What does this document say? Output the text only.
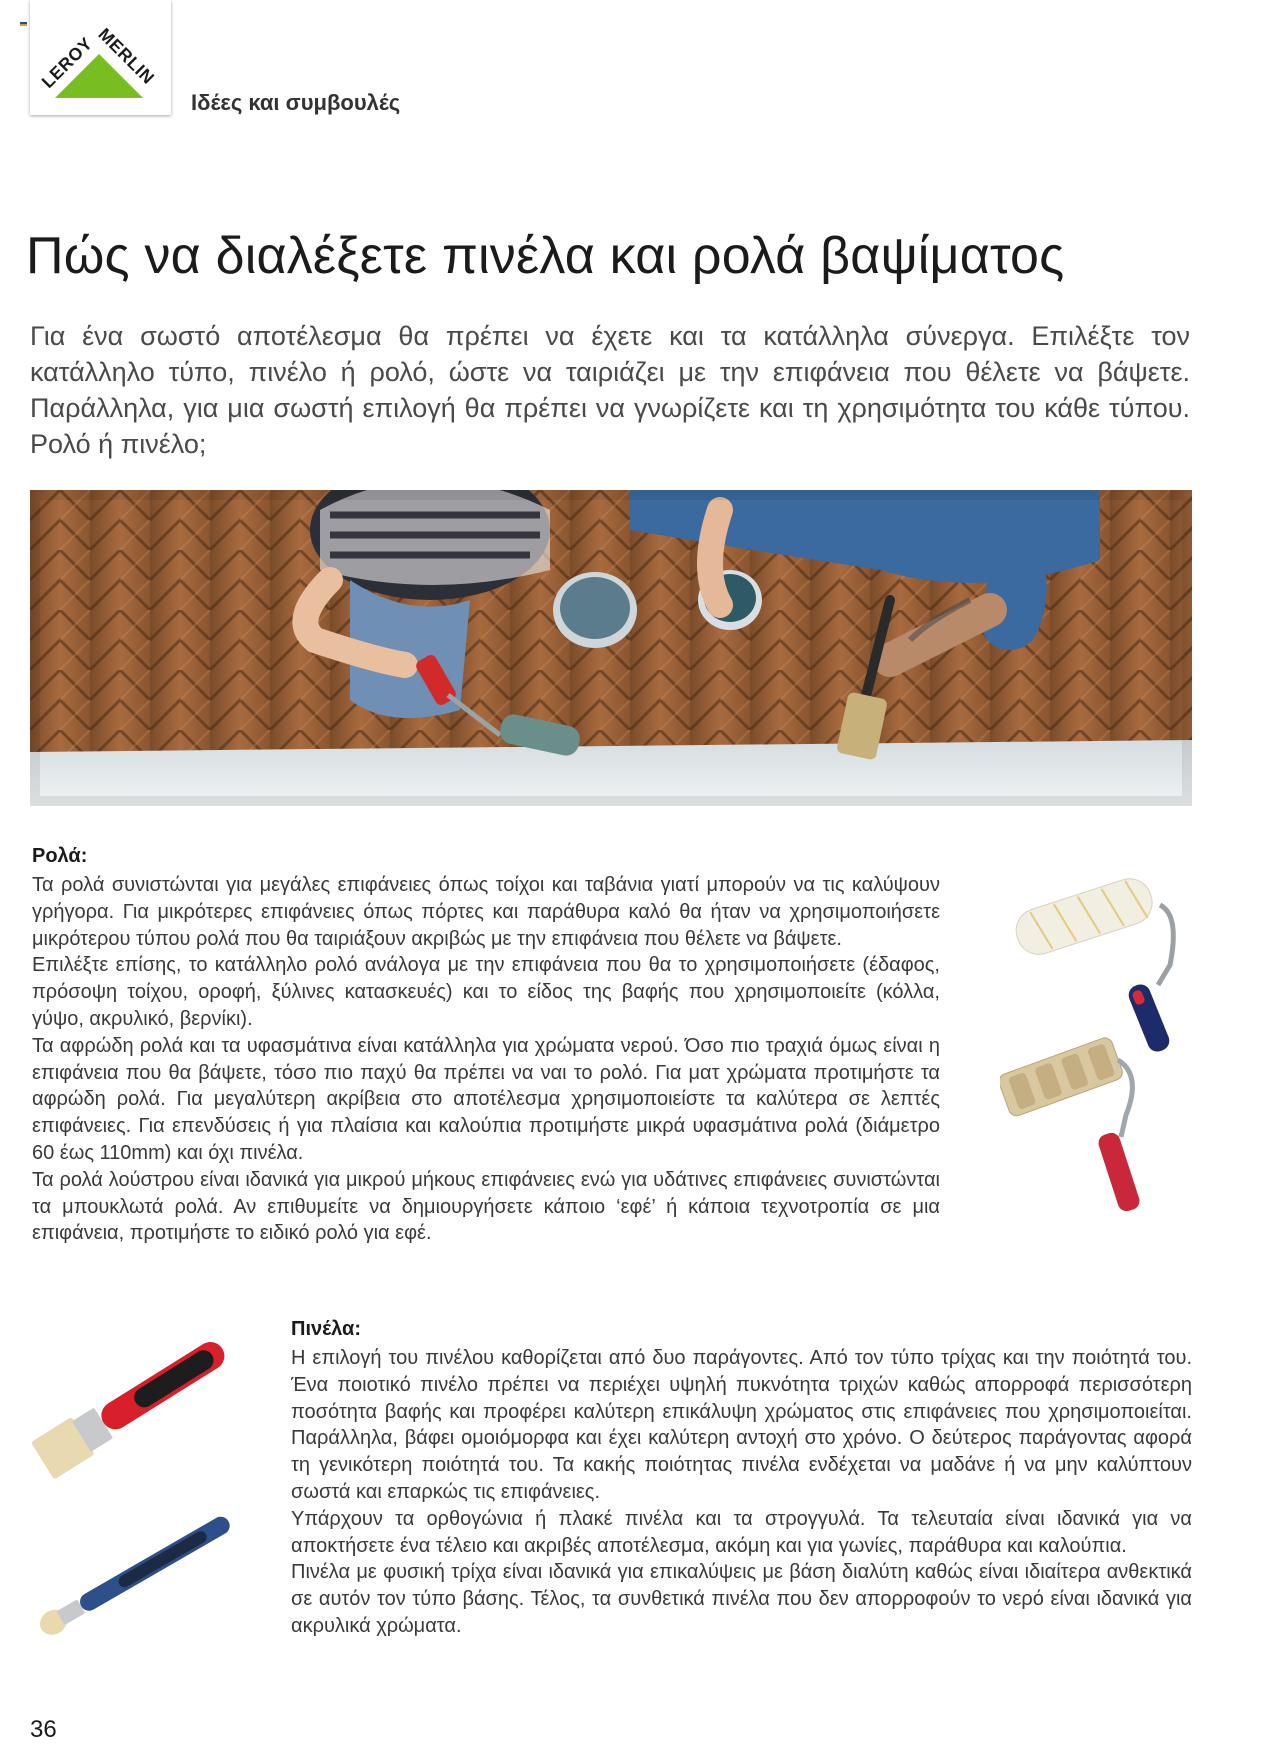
LEROY MERLIN
Ιδέες και συμβουλές
Πώς να διαλέξετε πινέλα και ρολά βαψίματος

Για ένα σωστό αποτέλεσμα θα πρέπει να έχετε και τα κατάλληλα σύνεργα. Επιλέξτε τον κατάλληλο τύπο, πινέλο ή ρολό, ώστε να ταιριάζει με την επιφάνεια που θέλετε να βάψετε. Παράλληλα, για μια σωστή επιλογή θα πρέπει να γνωρίζετε και τη χρησιμότητα του κάθε τύπου. Ρολό ή πινέλο;

Ρολά:

Τα ρολά συνιστώνται για μεγάλες επιφάνειες όπως τοίχοι και ταβάνια γιατί μπορούν να τις καλύψουν γρήγορα. Για μικρότερες επιφάνειες όπως πόρτες και παράθυρα καλό θα ήταν να χρησιμοποιήσετε μικρότερου τύπου ρολά που θα ταιριάξουν ακριβώς με την επιφάνεια που θέλετε να βάψετε.

Επιλέξτε επίσης, το κατάλληλο ρολό ανάλογα με την επιφάνεια που θα το χρησιμοποιήσετε (έδαφος, πρόσοψη τοίχου, οροφή, ξύλινες κατασκευές) και το είδος της βαφής που χρησιμοποιείτε (κόλλα, γύψο, ακρυλικό, βερνίκι).

Τα αφρώδη ρολά και τα υφασμάτινα είναι κατάλληλα για χρώματα νερού. Όσο πιο τραχιά όμως είναι η επιφάνεια που θα βάψετε, τόσο πιο παχύ θα πρέπει να ναι το ρολό. Για ματ χρώματα προτιμήστε τα αφρώδη ρολά. Για μεγαλύτερη ακρίβεια στο αποτέλεσμα χρησιμοποιείστε τα καλύτερα σε λεπτές επιφάνειες. Για επενδύσεις ή για πλαίσια και καλούπια προτιμήστε μικρά υφασμάτινα ρολά (διάμετρο 60 έως 110mm) και όχι πινέλα.

Τα ρολά λούστρου είναι ιδανικά για μικρού μήκους επιφάνειες ενώ για υδάτινες επιφάνειες συνιστώνται τα μπουκλωτά ρολά. Αν επιθυμείτε να δημιουργήσετε κάποιο ‘εφέ’ ή κάποια τεχνοτροπία σε μια επιφάνεια, προτιμήστε το ειδικό ρολό για εφέ.

Πινέλα:

Η επιλογή του πινέλου καθορίζεται από δυο παράγοντες. Από τον τύπο τρίχας και την ποιότητά του. Ένα ποιοτικό πινέλο πρέπει να περιέχει υψηλή πυκνότητα τριχών καθώς απορροφά περισσότερη ποσότητα βαφής και προφέρει καλύτερη επικάλυψη χρώματος στις επιφάνειες που χρησιμοποιείται. Παράλληλα, βάφει ομοιόμορφα και έχει καλύτερη αντοχή στο χρόνο. Ο δεύτερος παράγοντας αφορά τη γενικότερη ποιότητά του. Τα κακής ποιότητας πινέλα ενδέχεται να μαδάνε ή να μην καλύπτουν σωστά και επαρκώς τις επιφάνειες.

Υπάρχουν τα ορθογώνια ή πλακέ πινέλα και τα στρογγυλά. Τα τελευταία είναι ιδανικά για να αποκτήσετε ένα τέλειο και ακριβές αποτέλεσμα, ακόμη και για γωνίες, παράθυρα και καλούπια.

Πινέλα με φυσική τρίχα είναι ιδανικά για επικαλύψεις με βάση διαλύτη καθώς είναι ιδιαίτερα ανθεκτικά σε αυτόν τον τύπο βάσης. Τέλος, τα συνθετικά πινέλα που δεν απορροφούν το νερό είναι ιδανικά για ακρυλικά χρώματα.

36
